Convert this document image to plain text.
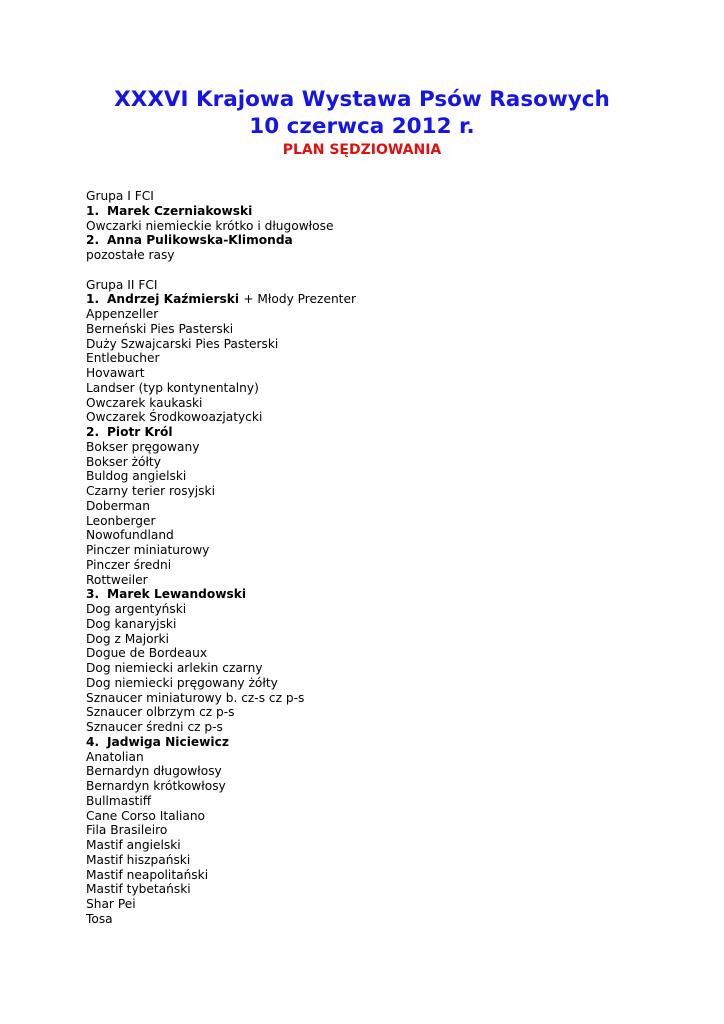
XXXVI Krajowa Wystawa Psów Rasowych
10 czerwca 2012 r.
PLAN SĘDZIOWANIA
Grupa I FCI
1. Marek Czerniakowski
Owczarki niemieckie krótko i długowłose
2. Anna Pulikowska-Klimonda
pozostałe rasy
Grupa II FCI
1. Andrzej Kaźmierski + Młody Prezenter
Appenzeller
Berneński Pies Pasterski
Duży Szwajcarski Pies Pasterski
Entlebucher
Hovawart
Landser (typ kontynentalny)
Owczarek kaukaski
Owczarek Środkowoazjatycki
2. Piotr Król
Bokser pręgowany
Bokser żółty
Buldog angielski
Czarny terier rosyjski
Doberman
Leonberger
Nowofundland
Pinczer miniaturowy
Pinczer średni
Rottweiler
3. Marek Lewandowski
Dog argentyński
Dog kanaryjski
Dog z Majorki
Dogue de Bordeaux
Dog niemiecki arlekin czarny
Dog niemiecki pręgowany żółty
Sznaucer miniaturowy b. cz-s cz p-s
Sznaucer olbrzym cz p-s
Sznaucer średni cz p-s
4. Jadwiga Niciewicz
Anatolian
Bernardyn długowłosy
Bernardyn krótkowłosy
Bullmastiff
Cane Corso Italiano
Fila Brasileiro
Mastif angielski
Mastif hiszpański
Mastif neapolitański
Mastif tybetański
Shar Pei
Tosa
